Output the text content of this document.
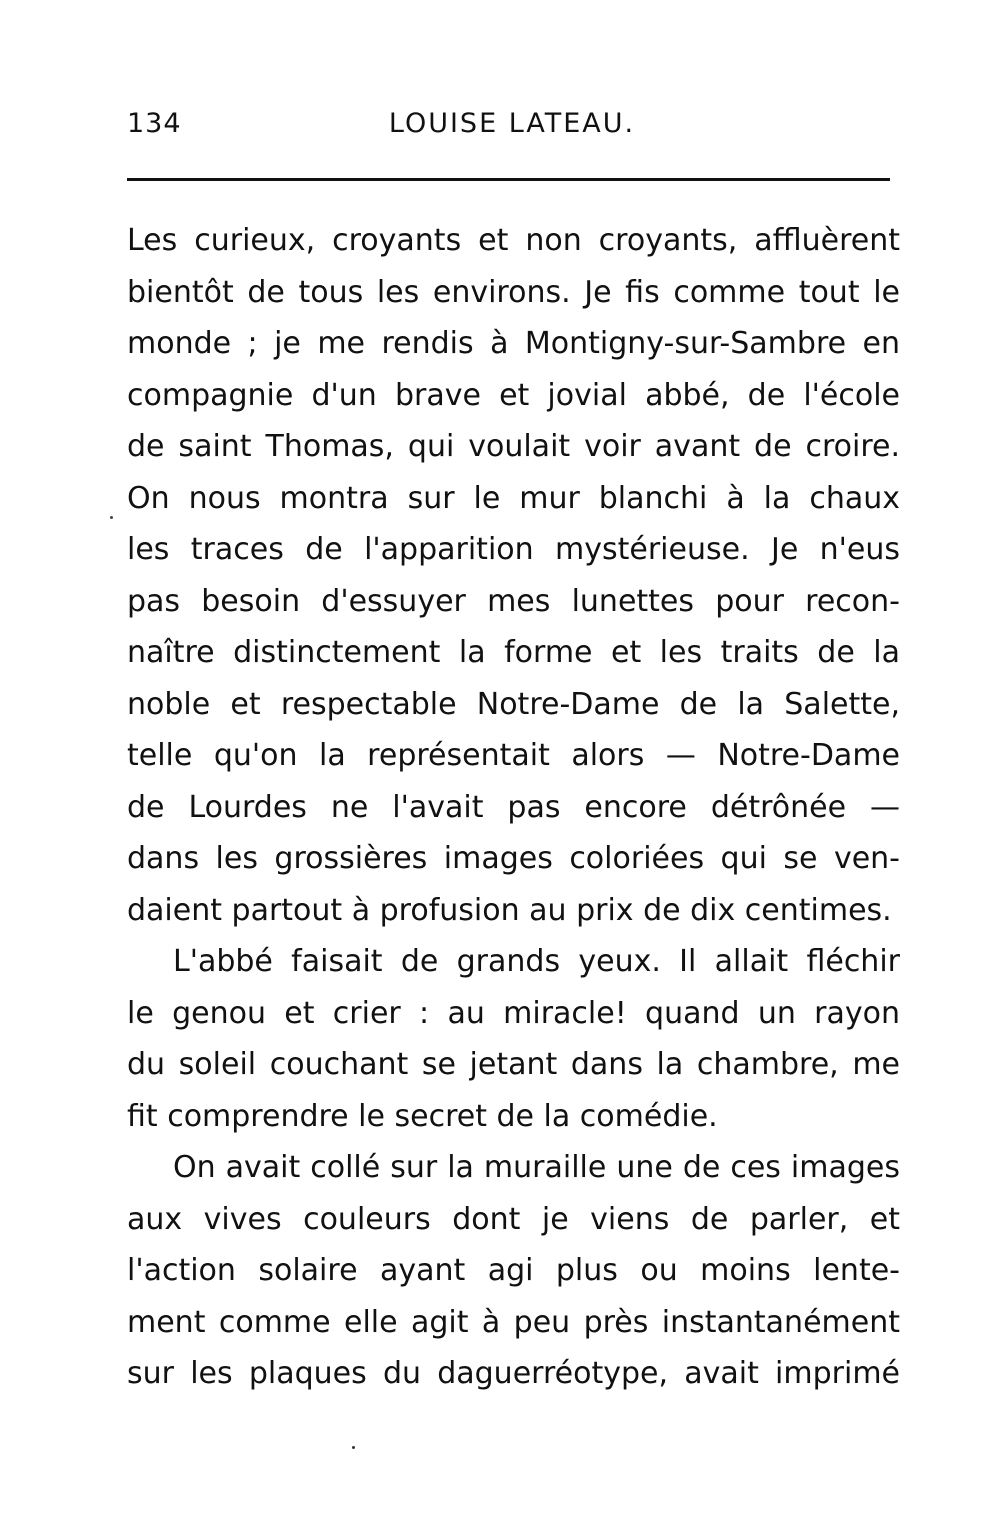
134	LOUISE LATEAU.
Les curieux, croyants et non croyants, affluèrent
bientôt de tous les environs. Je fis comme tout le
monde ; je me rendis à Montigny-sur-Sambre en
compagnie d'un brave et jovial abbé, de l'école
de saint Thomas, qui voulait voir avant de croire.
On nous montra sur le mur blanchi à la chaux
les traces de l'apparition mystérieuse. Je n'eus
pas besoin d'essuyer mes lunettes pour recon-
naître distinctement la forme et les traits de la
noble et respectable Notre-Dame de la Salette,
telle qu'on la représentait alors — Notre-Dame
de Lourdes ne l'avait pas encore détrônée —
dans les grossières images coloriées qui se ven-
daient partout à profusion au prix de dix centimes.
L'abbé faisait de grands yeux. Il allait fléchir
le genou et crier : au miracle! quand un rayon
du soleil couchant se jetant dans la chambre, me
fit comprendre le secret de la comédie.
On avait collé sur la muraille une de ces images
aux vives couleurs dont je viens de parler, et
l'action solaire ayant agi plus ou moins lente-
ment comme elle agit à peu près instantanément
sur les plaques du daguerréotype, avait imprimé
